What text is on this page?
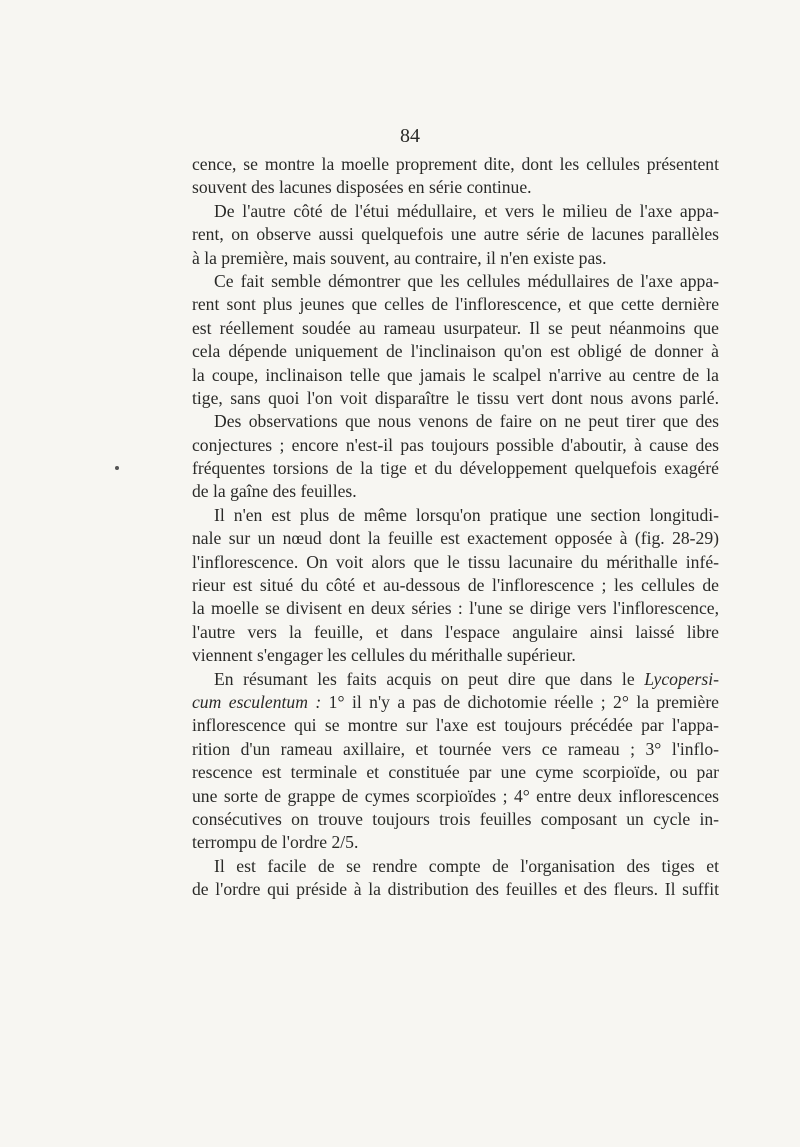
84
cence, se montre la moelle proprement dite, dont les cellules présentent
souvent des lacunes disposées en série continue.
De l'autre côté de l'étui médullaire, et vers le milieu de l'axe appa-
rent, on observe aussi quelquefois une autre série de lacunes parallèles
à la première, mais souvent, au contraire, il n'en existe pas.
Ce fait semble démontrer que les cellules médullaires de l'axe appa-
rent sont plus jeunes que celles de l'inflorescence, et que cette dernière
est réellement soudée au rameau usurpateur. Il se peut néanmoins que
cela dépende uniquement de l'inclinaison qu'on est obligé de donner à
la coupe, inclinaison telle que jamais le scalpel n'arrive au centre de la
tige, sans quoi l'on voit disparaître le tissu vert dont nous avons parlé.
Des observations que nous venons de faire on ne peut tirer que des
conjectures ; encore n'est-il pas toujours possible d'aboutir, à cause des
fréquentes torsions de la tige et du développement quelquefois exagéré
de la gaîne des feuilles.
Il n'en est plus de même lorsqu'on pratique une section longitudi-
nale sur un nœud dont la feuille est exactement opposée à (fig. 28-29)
l'inflorescence. On voit alors que le tissu lacunaire du mérithalle infé-
rieur est situé du côté et au-dessous de l'inflorescence ; les cellules de
la moelle se divisent en deux séries : l'une se dirige vers l'inflorescence,
l'autre vers la feuille, et dans l'espace angulaire ainsi laissé libre
viennent s'engager les cellules du mérithalle supérieur.
En résumant les faits acquis on peut dire que dans le Lycopersi-
cum esculentum : 1° il n'y a pas de dichotomie réelle ; 2° la première
inflorescence qui se montre sur l'axe est toujours précédée par l'appa-
rition d'un rameau axillaire, et tournée vers ce rameau ; 3° l'inflo-
rescence est terminale et constituée par une cyme scorpioïde, ou par
une sorte de grappe de cymes scorpioïdes ; 4° entre deux inflorescences
consécutives on trouve toujours trois feuilles composant un cycle in-
terrompu de l'ordre 2/5.
Il est facile de se rendre compte de l'organisation des tiges et
de l'ordre qui préside à la distribution des feuilles et des fleurs. Il suffit
